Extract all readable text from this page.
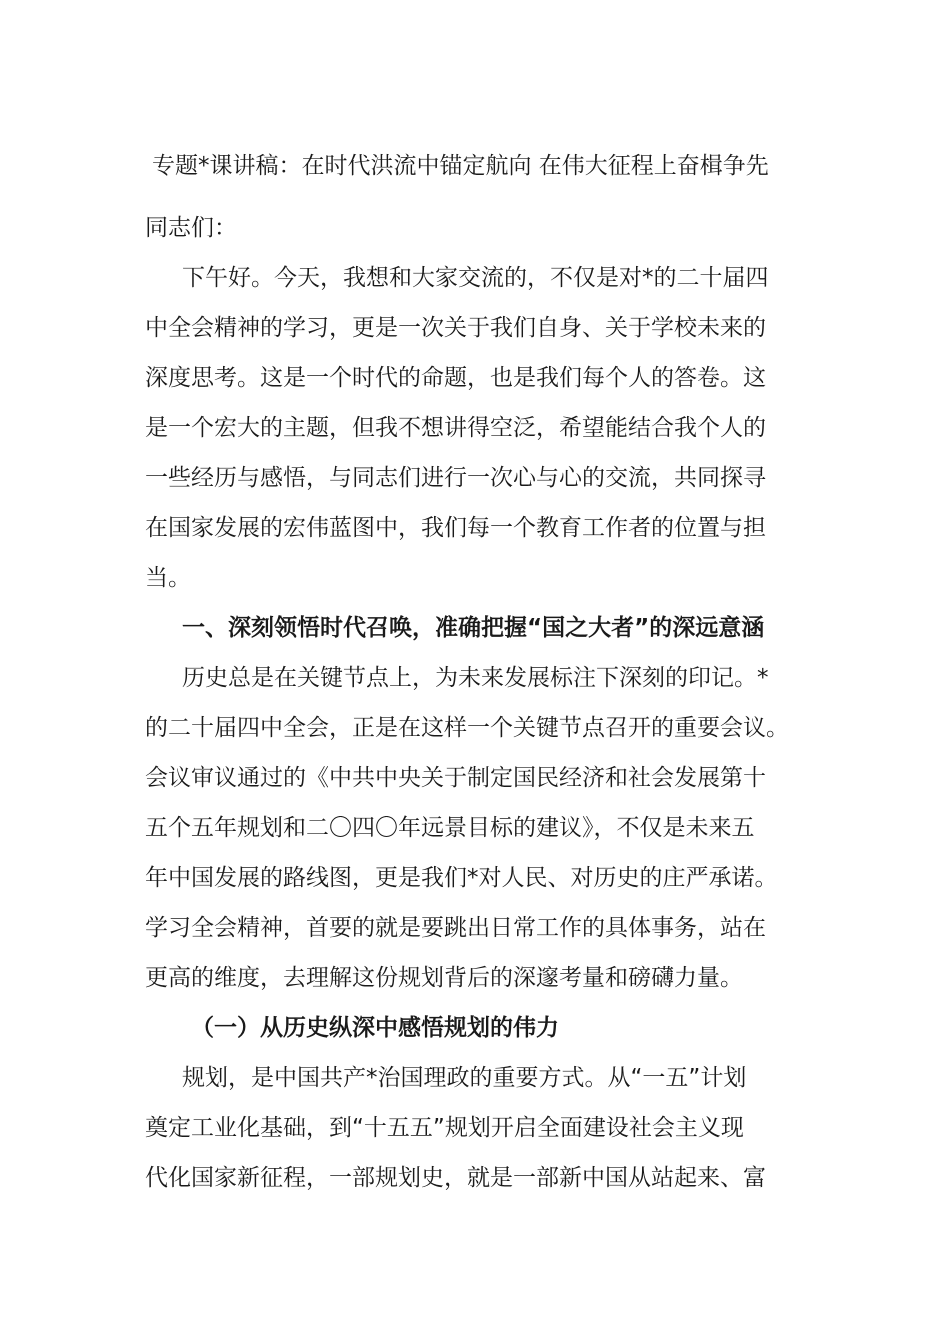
专题*课讲稿：在时代洪流中锚定航向 在伟大征程上奋楫争先
同志们：
下午好。今天，我想和大家交流的，不仅是对*的二十届四
中全会精神的学习，更是一次关于我们自身、关于学校未来的
深度思考。这是一个时代的命题，也是我们每个人的答卷。这
是一个宏大的主题，但我不想讲得空泛，希望能结合我个人的
一些经历与感悟，与同志们进行一次心与心的交流，共同探寻
在国家发展的宏伟蓝图中，我们每一个教育工作者的位置与担
当。
一、深刻领悟时代召唤，准确把握“国之大者”的深远意涵
历史总是在关键节点上，为未来发展标注下深刻的印记。*
的二十届四中全会，正是在这样一个关键节点召开的重要会议。
会议审议通过的《中共中央关于制定国民经济和社会发展第十
五个五年规划和二〇四〇年远景目标的建议》，不仅是未来五
年中国发展的路线图，更是我们*对人民、对历史的庄严承诺。
学习全会精神，首要的就是要跳出日常工作的具体事务，站在
更高的维度，去理解这份规划背后的深邃考量和磅礴力量。
（一）从历史纵深中感悟规划的伟力
规划，是中国共产*治国理政的重要方式。从“一五”计划
奠定工业化基础，到“十五五”规划开启全面建设社会主义现
代化国家新征程，一部规划史，就是一部新中国从站起来、富
